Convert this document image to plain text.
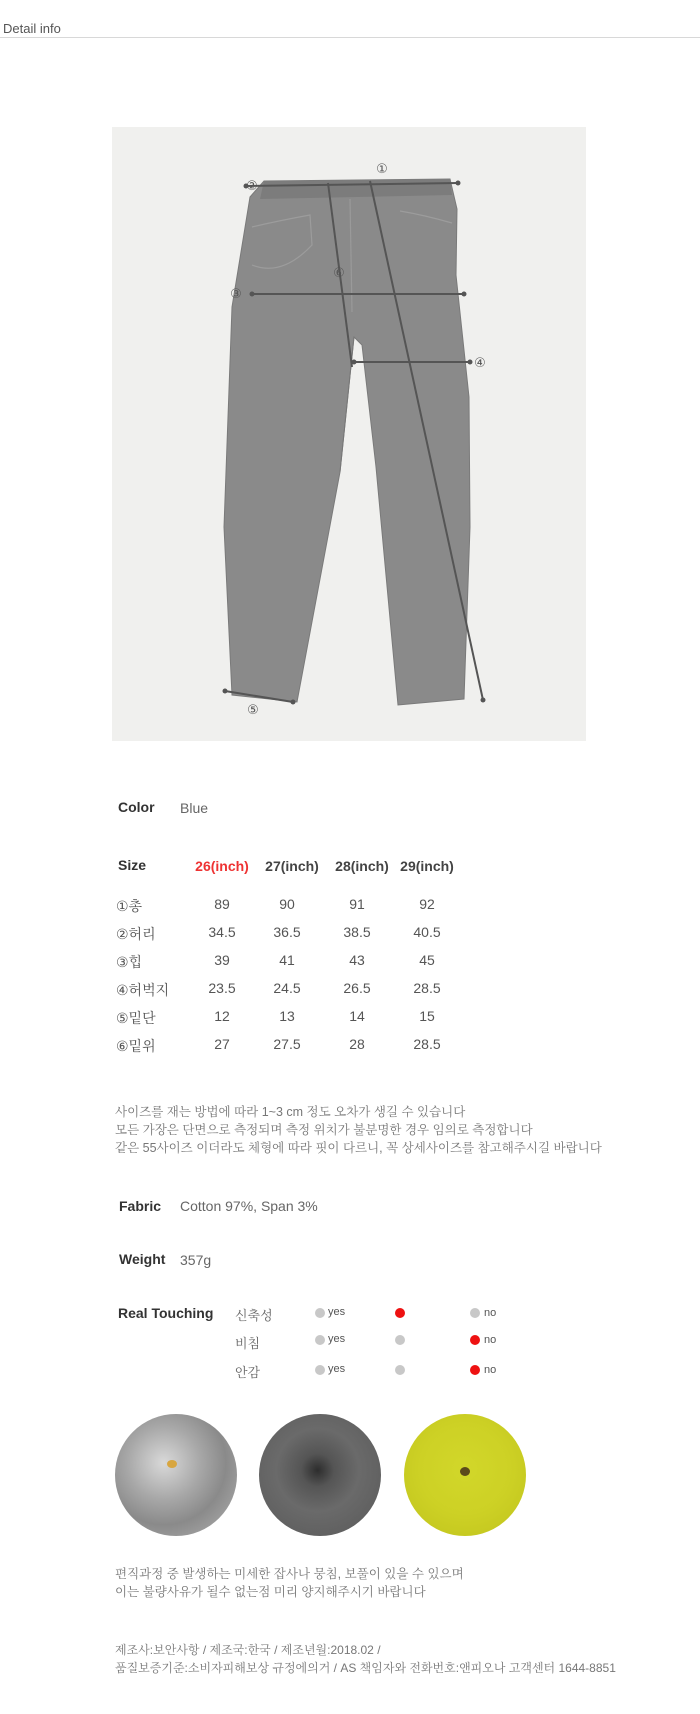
Detail info
①
②
③
④
⑤
⑥
Color Blue
Size	26(inch)	27(inch)	28(inch) 29(inch)
①총	89	90	91	92
②허리	34.5	36.5	38.5	40.5
③힙	39	41	43	45
④허벅지	23.5	24.5	26.5	28.5
⑤밑단	12	13	14	15
⑥밑위	27	27.5	28	28.5
사이즈를 재는 방법에 따라 1~3 cm 정도 오차가 생길 수 있습니다
모든 가장은 단면으로 측정되며 측정 위치가 불분명한 경우 임의로 측정합니다
같은 55사이즈 이더라도 체형에 따라 핏이 다르니, 꼭 상세사이즈를 참고해주시길 바랍니다
Fabric Cotton 97%, Span 3%
Weight 357g
Real Touching 신축성	yes	no
비침	yes	no
안감	yes	no
편직과정 중 발생하는 미세한 잡사나 뭉침, 보풀이 있을 수 있으며
이는 불량사유가 될수 없는점 미리 양지해주시기 바랍니다
제조사:보안사항 / 제조국:한국 / 제조년월:2018.02 /
품질보증기준:소비자피해보상 규정에의거 / AS 책임자와 전화번호:앤피오나 고객센터 1644-8851
